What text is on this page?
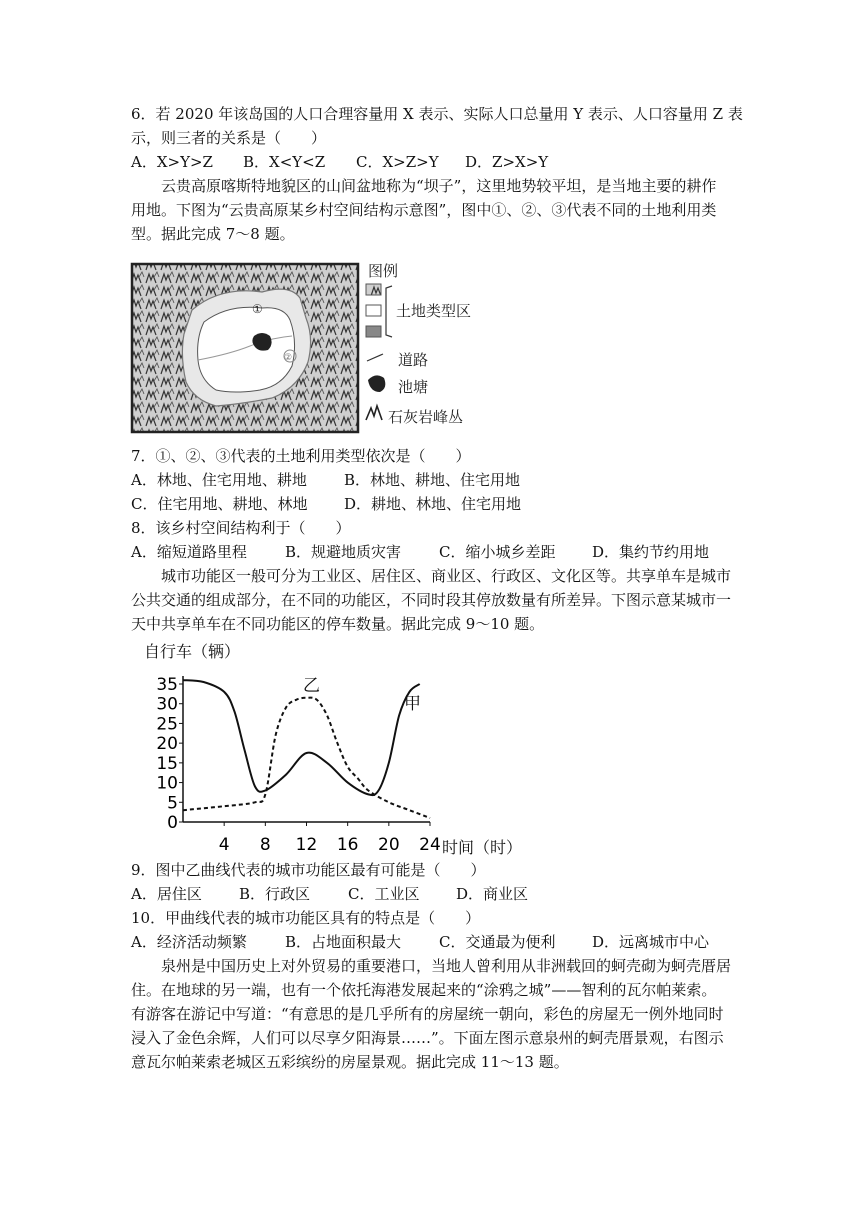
6．若 2020 年该岛国的人口合理容量用 X 表示、实际人口总量用 Y 表示、人口容量用 Z 表
示，则三者的关系是（　　）
A．X>Y>Z B．X<Y<Z C．X>Z>Y D．Z>X>Y
云贵高原喀斯特地貌区的山间盆地称为“坝子”，这里地势较平坦，是当地主要的耕作
用地。下图为“云贵高原某乡村空间结构示意图”，图中①、②、③代表不同的土地利用类
型。据此完成 7～8 题。
①
②
图例
土地类型区
道路
池塘
石灰岩峰丛
7．①、②、③代表的土地利用类型依次是（　　）
A．林地、住宅用地、耕地 B．林地、耕地、住宅用地
C．住宅用地、耕地、林地 D．耕地、林地、住宅用地
8．该乡村空间结构利于（　　）
A．缩短道路里程	B．规避地质灾害	C．缩小城乡差距 D．集约节约用地
城市功能区一般可分为工业区、居住区、商业区、行政区、文化区等。共享单车是城市
公共交通的组成部分，在不同的功能区，不同时段其停放数量有所差异。下图示意某城市一
天中共享单车在不同功能区的停车数量。据此完成 9～10 题。
自行车（辆）
0
5
10
15
20
25
30
35
4 8 12 16 20 24
乙
甲
时间（时）
9．图中乙曲线代表的城市功能区最有可能是（　　）
A．居住区 B．行政区	C．工业区 D．商业区
10．甲曲线代表的城市功能区具有的特点是（　　）
A．经济活动频繁	B．占地面积最大	C．交通最为便利 D．远离城市中心
泉州是中国历史上对外贸易的重要港口，当地人曾利用从非洲载回的蚵壳砌为蚵壳厝居
住。在地球的另一端，也有一个依托海港发展起来的“涂鸦之城”——智利的瓦尔帕莱索。
有游客在游记中写道：“有意思的是几乎所有的房屋统一朝向，彩色的房屋无一例外地同时
浸入了金色余辉，人们可以尽享夕阳海景……”。下面左图示意泉州的蚵壳厝景观，右图示
意瓦尔帕莱索老城区五彩缤纷的房屋景观。据此完成 11～13 题。
